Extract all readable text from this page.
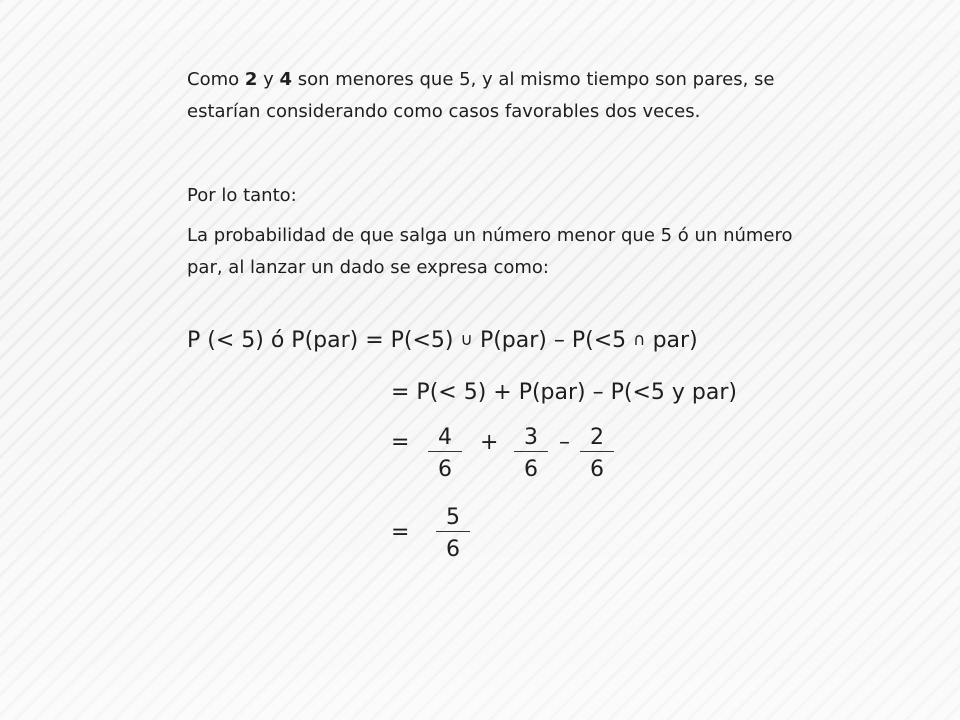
Como 2 y 4 son menores que 5, y al mismo tiempo son pares, se estarían considerando como casos favorables dos veces.

Por lo tanto:

La probabilidad de que salga un número menor que 5 ó un número par, al lanzar un dado se expresa como:

P (< 5) ó P(par) = P(<5) ∪ P(par) – P(<5 ∩ par)
= P(< 5) + P(par) – P(<5 y par)
= $\frac{4}{6} + \frac{3}{6} - \frac{2}{6}$
= $\frac{5}{6}$
